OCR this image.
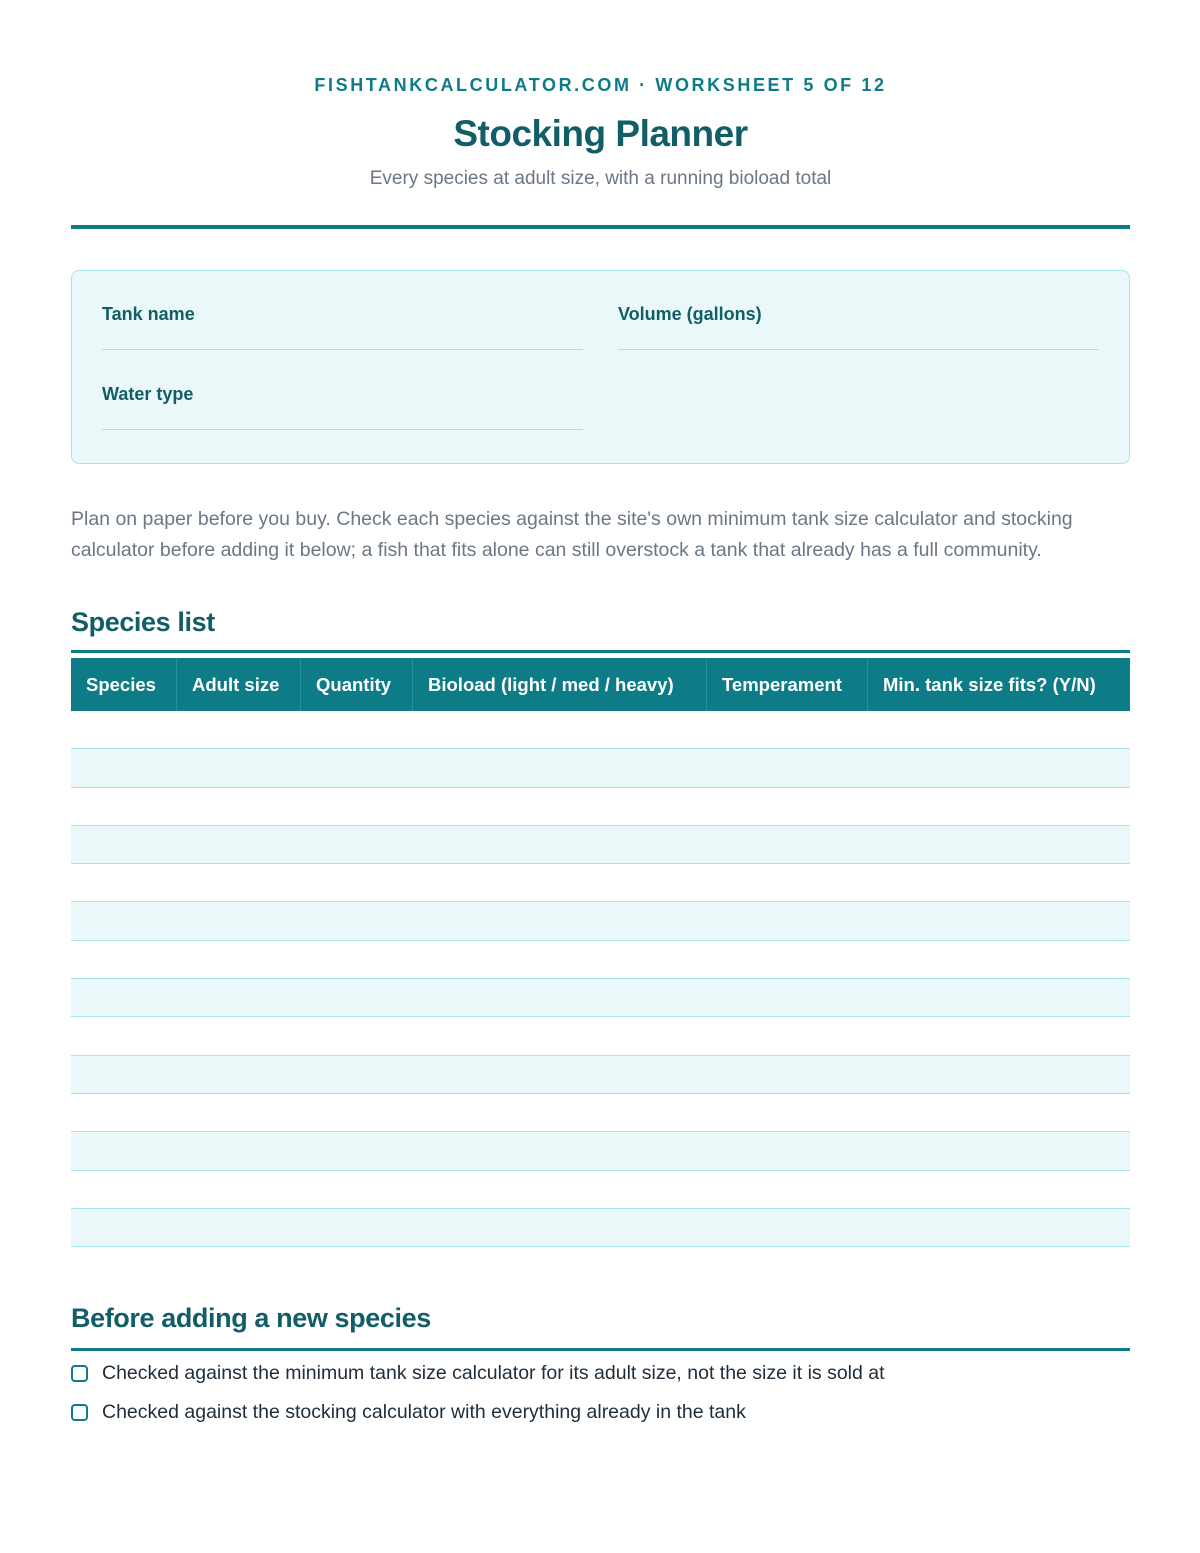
FISHTANKCALCULATOR.COM · WORKSHEET 5 OF 12
Stocking Planner
Every species at adult size, with a running bioload total
Tank name	Volume (gallons)
Water type
Plan on paper before you buy. Check each species against the site's own minimum tank size calculator and stocking calculator before adding it below; a fish that fits alone can still overstock a tank that already has a full community.
Species list
Species	Adult size	Quantity	Bioload (light / med / heavy)	Temperament	Min. tank size fits? (Y/N)
Before adding a new species
Checked against the minimum tank size calculator for its adult size, not the size it is sold at
Checked against the stocking calculator with everything already in the tank
